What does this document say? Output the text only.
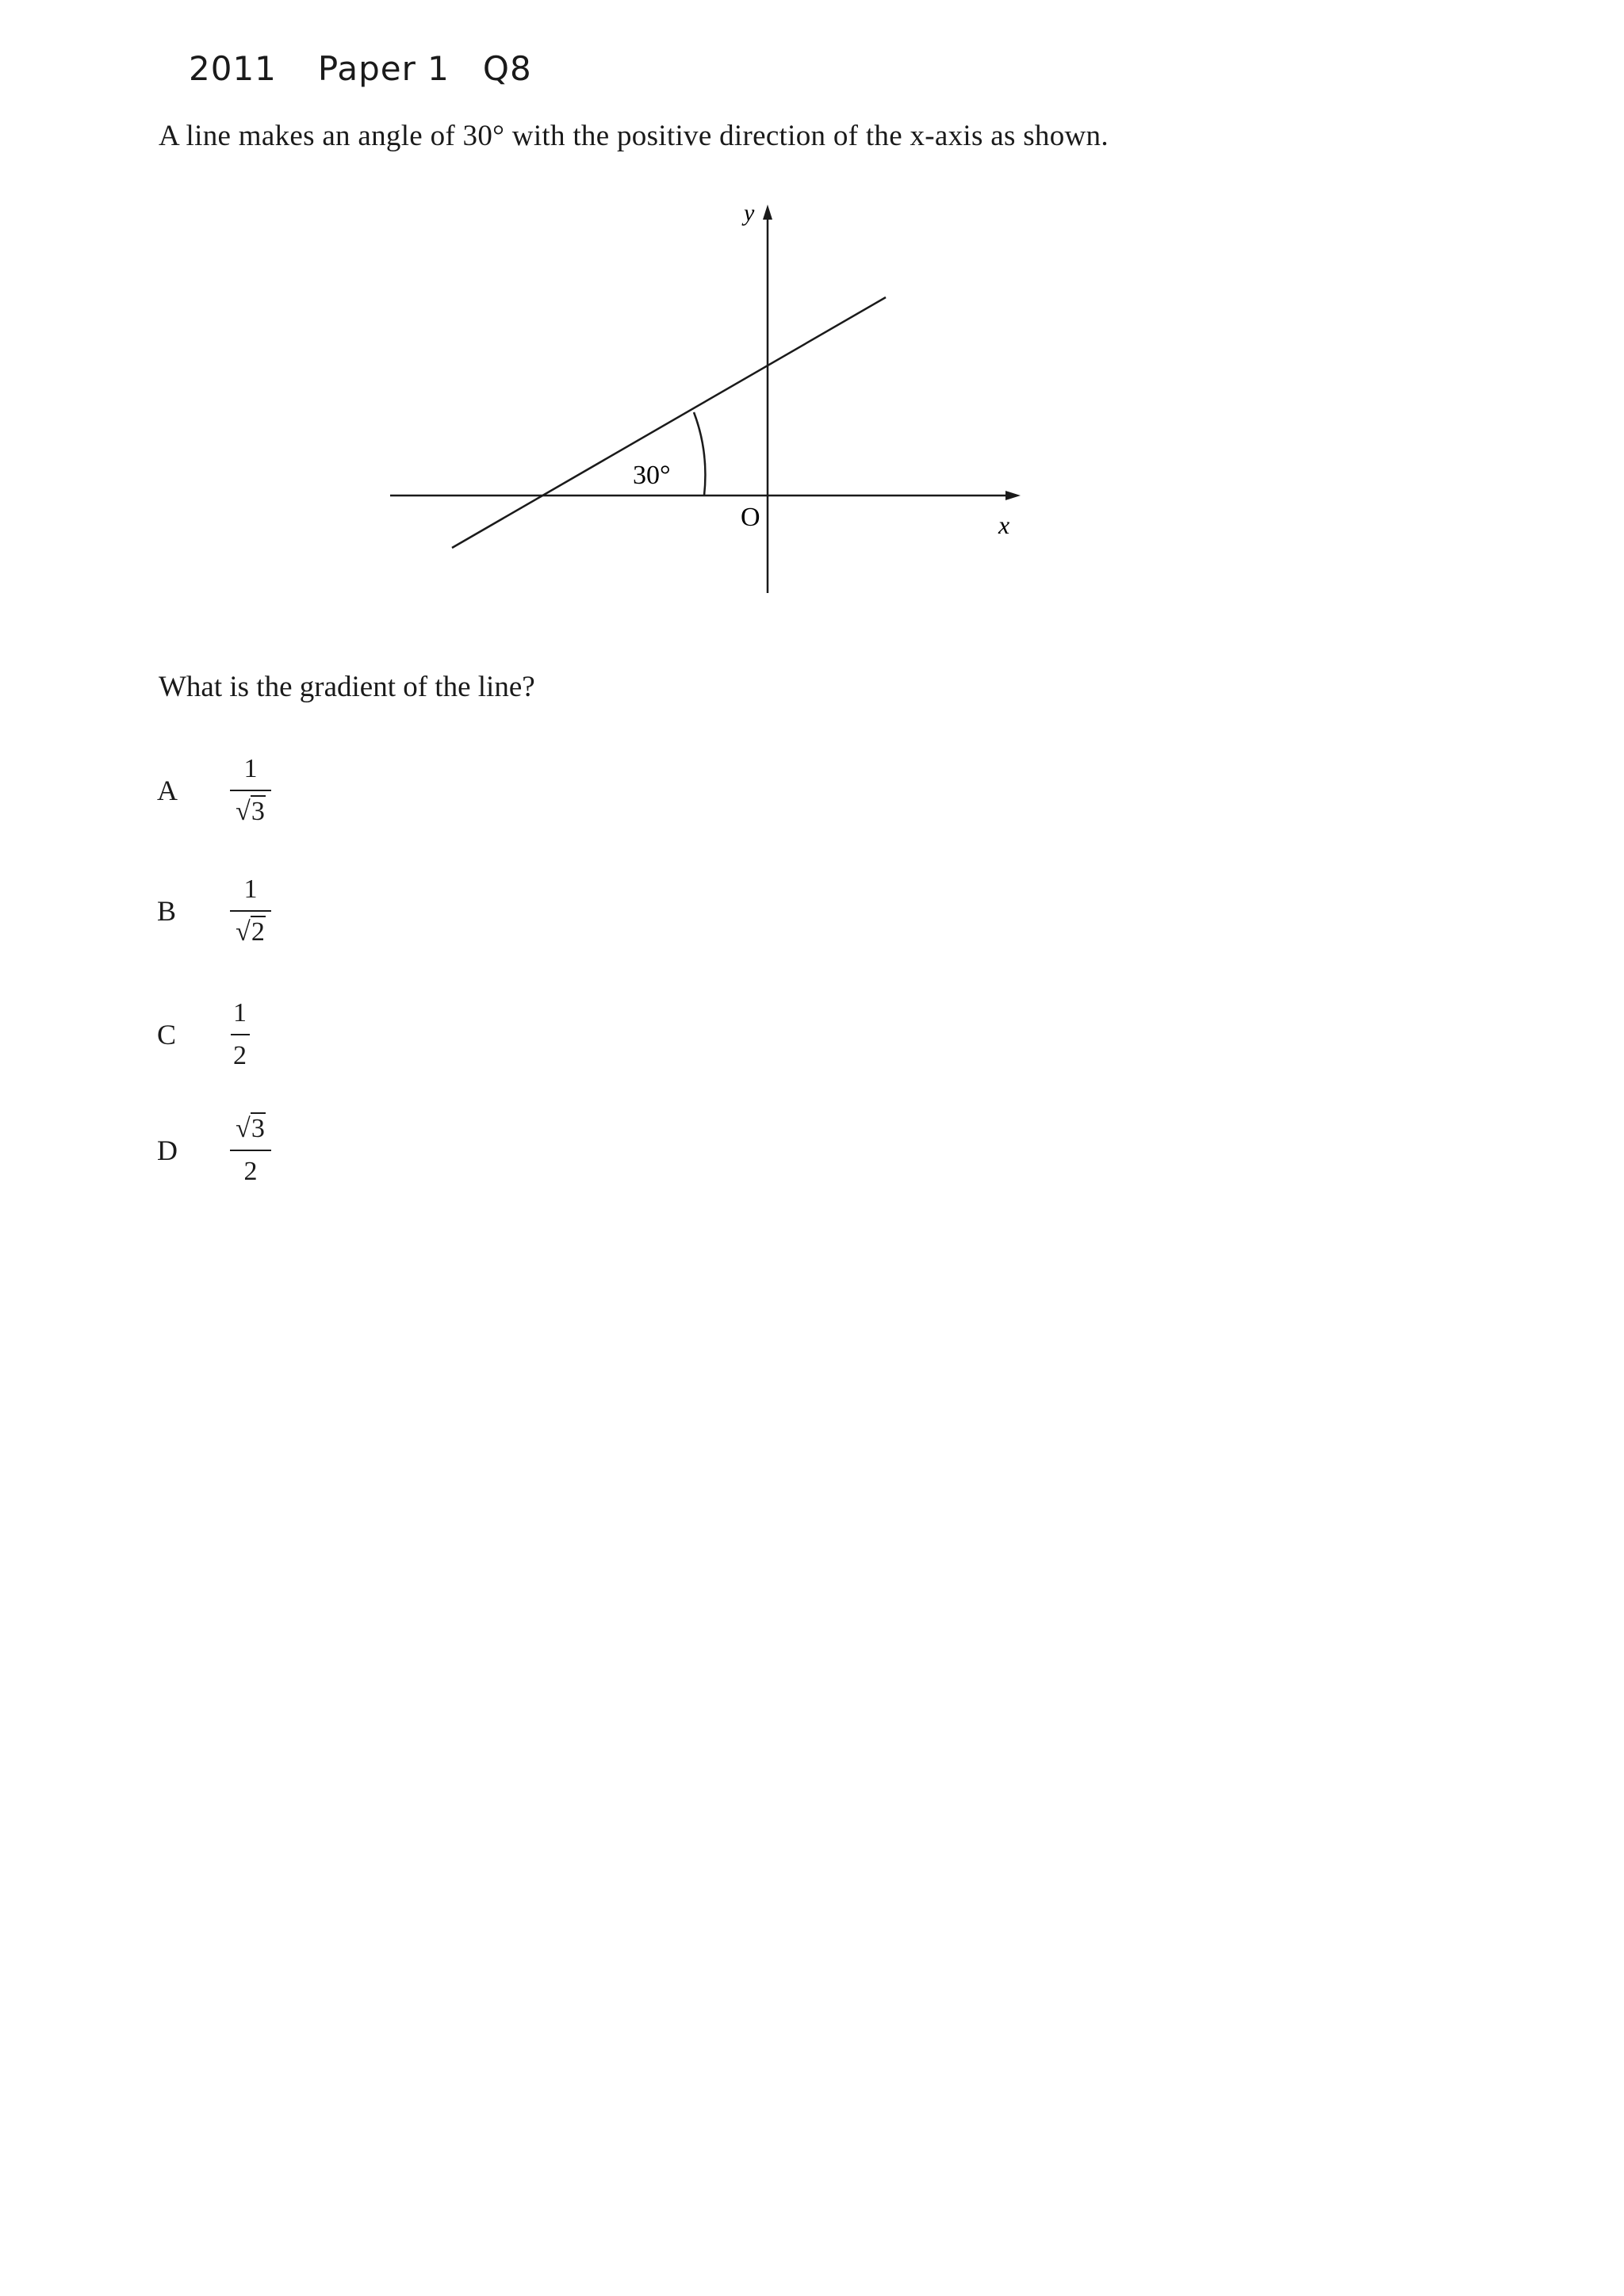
2011 Paper 1 Q8

A line makes an angle of 30° with the positive direction of the x-axis as shown.

30°
O	x
y

What is the gradient of the line?

A	$\frac{1}{√3}$
B	$\frac{1}{√2}$
C	$\frac{1}{2}$
D	$\frac{√3}{2}$
